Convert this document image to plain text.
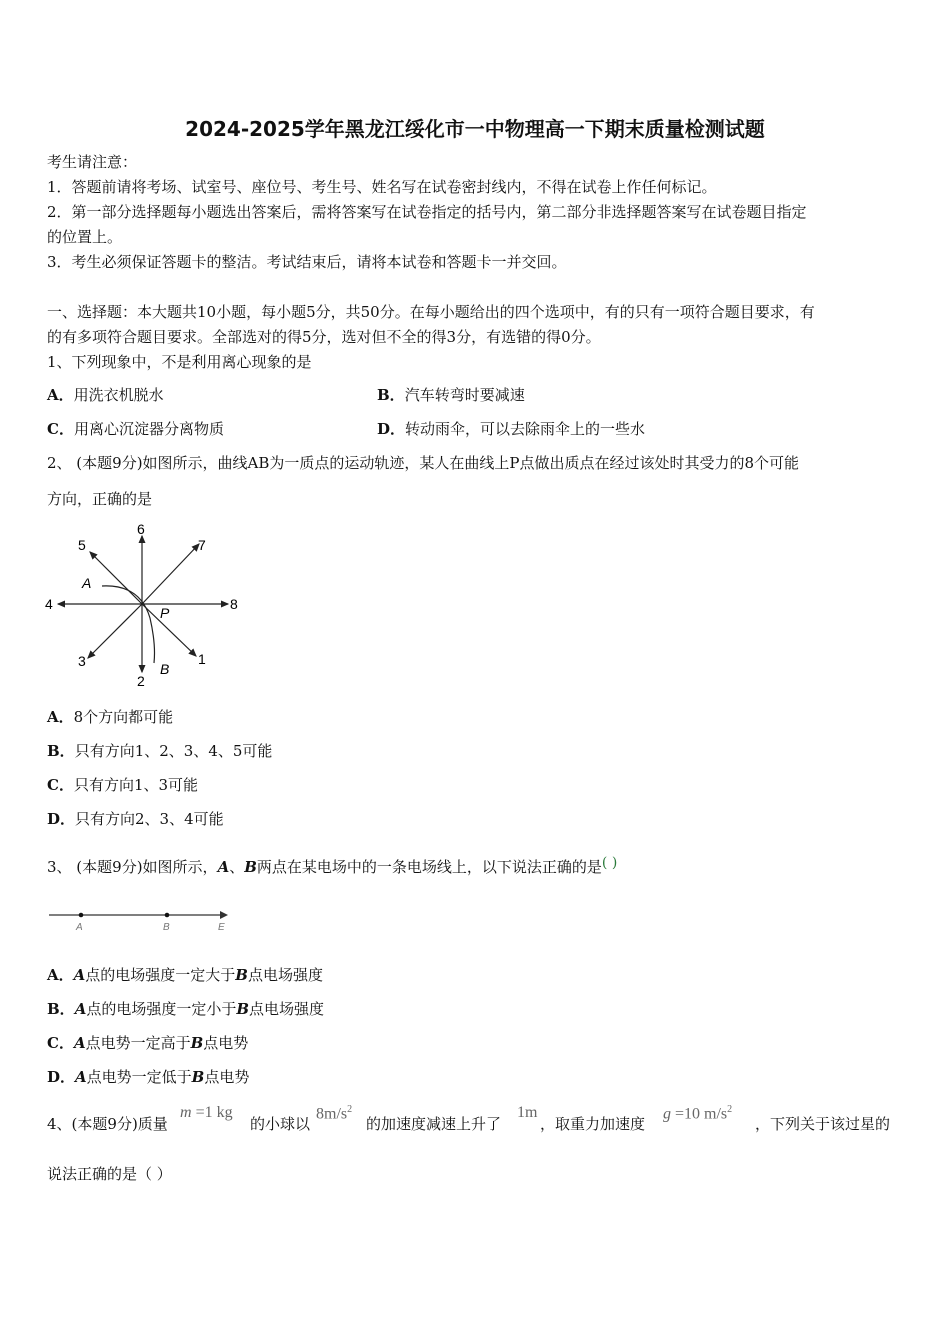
2024-2025学年黑龙江绥化市一中物理高一下期末质量检测试题
考生请注意：
1．答题前请将考场、试室号、座位号、考生号、姓名写在试卷密封线内，不得在试卷上作任何标记。
2．第一部分选择题每小题选出答案后，需将答案写在试卷指定的括号内，第二部分非选择题答案写在试卷题目指定
的位置上。
3．考生必须保证答题卡的整洁。考试结束后，请将本试卷和答题卡一并交回。
一、选择题：本大题共10小题，每小题5分，共50分。在每小题给出的四个选项中，有的只有一项符合题目要求，有
的有多项符合题目要求。全部选对的得5分，选对但不全的得3分，有选错的得0分。
1、下列现象中，不是利用离心现象的是
A．用洗衣机脱水	B．汽车转弯时要减速
C．用离心沉淀器分离物质	D．转动雨伞，可以去除雨伞上的一些水
2、 (本题9分)如图所示，曲线AB为一质点的运动轨迹，某人在曲线上P点做出质点在经过该处时其受力的8个可能
方向，正确的是
6
5	7
4	8
3
2
1
A
P
B
A．8个方向都可能
B．只有方向1、2、3、4、5可能
C．只有方向1、3可能
D．只有方向2、3、4可能
3、 (本题9分)如图所示，A、B两点在某电场中的一条电场线上，以下说法正确的是( )
A	B	E
A．A点的电场强度一定大于B点电场强度
B．A点的电场强度一定小于B点电场强度
C．A点电势一定高于B点电势
D．A点电势一定低于B点电势
4、(本题9分)质量
m =1 kg
的小球以
$8m/s^2$
的加速度减速上升了
1m
，取重力加速度
g =10 $m/s^2$
，下列关于该过星的
说法正确的是（ ）
